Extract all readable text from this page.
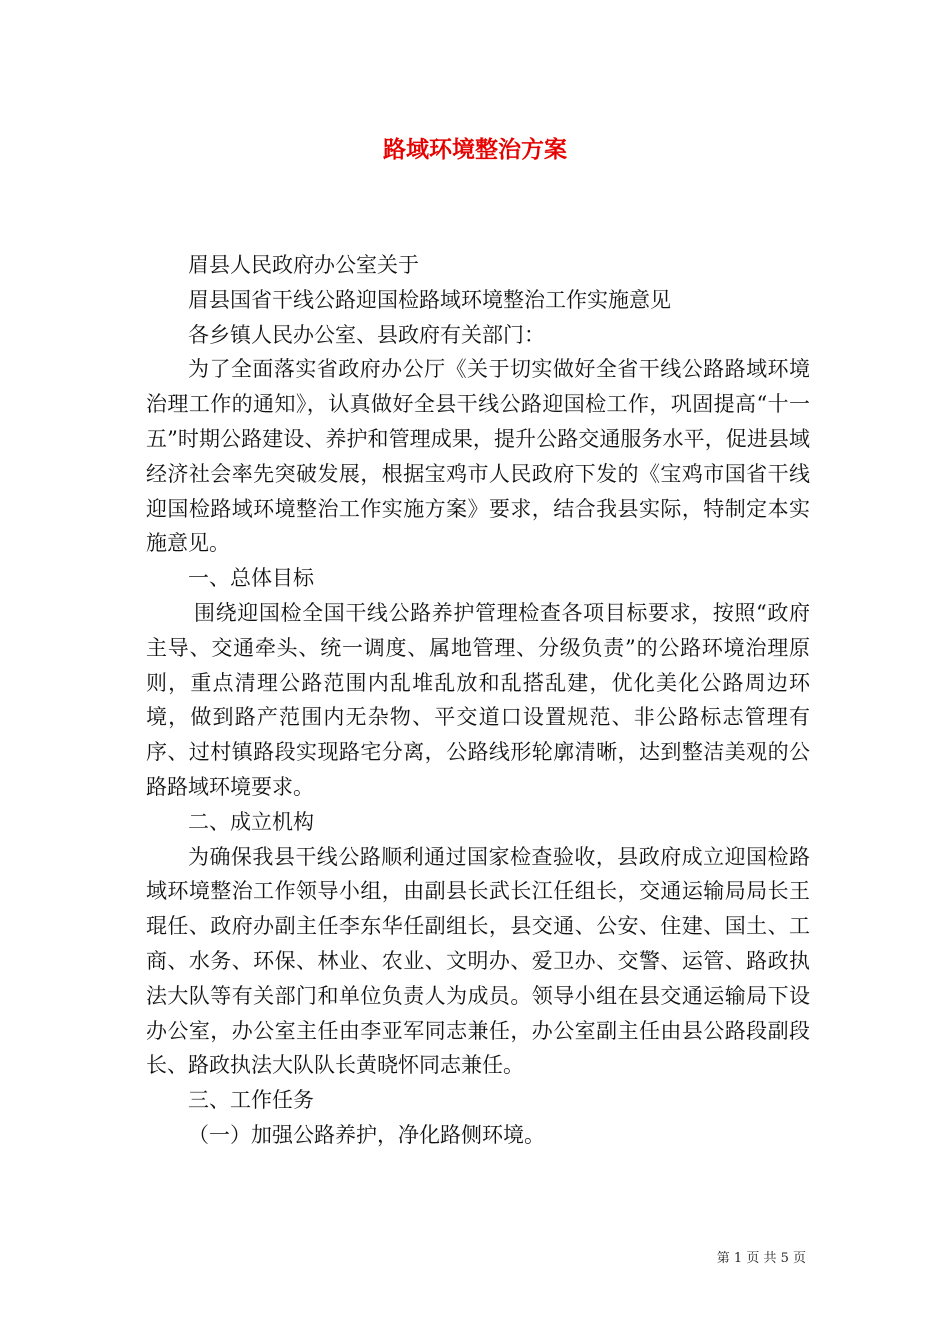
路域环境整治方案

眉县人民政府办公室关于

眉县国省干线公路迎国检路域环境整治工作实施意见

各乡镇人民办公室、县政府有关部门：

为了全面落实省政府办公厅《关于切实做好全省干线公路路域环境治理工作的通知》，认真做好全县干线公路迎国检工作，巩固提高“十一五”时期公路建设、养护和管理成果，提升公路交通服务水平，促进县域经济社会率先突破发展，根据宝鸡市人民政府下发的《宝鸡市国省干线迎国检路域环境整治工作实施方案》要求，结合我县实际，特制定本实施意见。

一、总体目标

围绕迎国检全国干线公路养护管理检查各项目标要求，按照“政府主导、交通牵头、统一调度、属地管理、分级负责”的公路环境治理原则，重点清理公路范围内乱堆乱放和乱搭乱建，优化美化公路周边环境，做到路产范围内无杂物、平交道口设置规范、非公路标志管理有序、过村镇路段实现路宅分离，公路线形轮廓清晰，达到整洁美观的公路路域环境要求。

二、成立机构

为确保我县干线公路顺利通过国家检查验收，县政府成立迎国检路域环境整治工作领导小组，由副县长武长江任组长，交通运输局局长王琨任、政府办副主任李东华任副组长，县交通、公安、住建、国土、工商、水务、环保、林业、农业、文明办、爱卫办、交警、运管、路政执法大队等有关部门和单位负责人为成员。领导小组在县交通运输局下设办公室，办公室主任由李亚军同志兼任，办公室副主任由县公路段副段长、路政执法大队队长黄晓怀同志兼任。

三、工作任务

（一）加强公路养护，净化路侧环境。

第 1 页 共 5 页
